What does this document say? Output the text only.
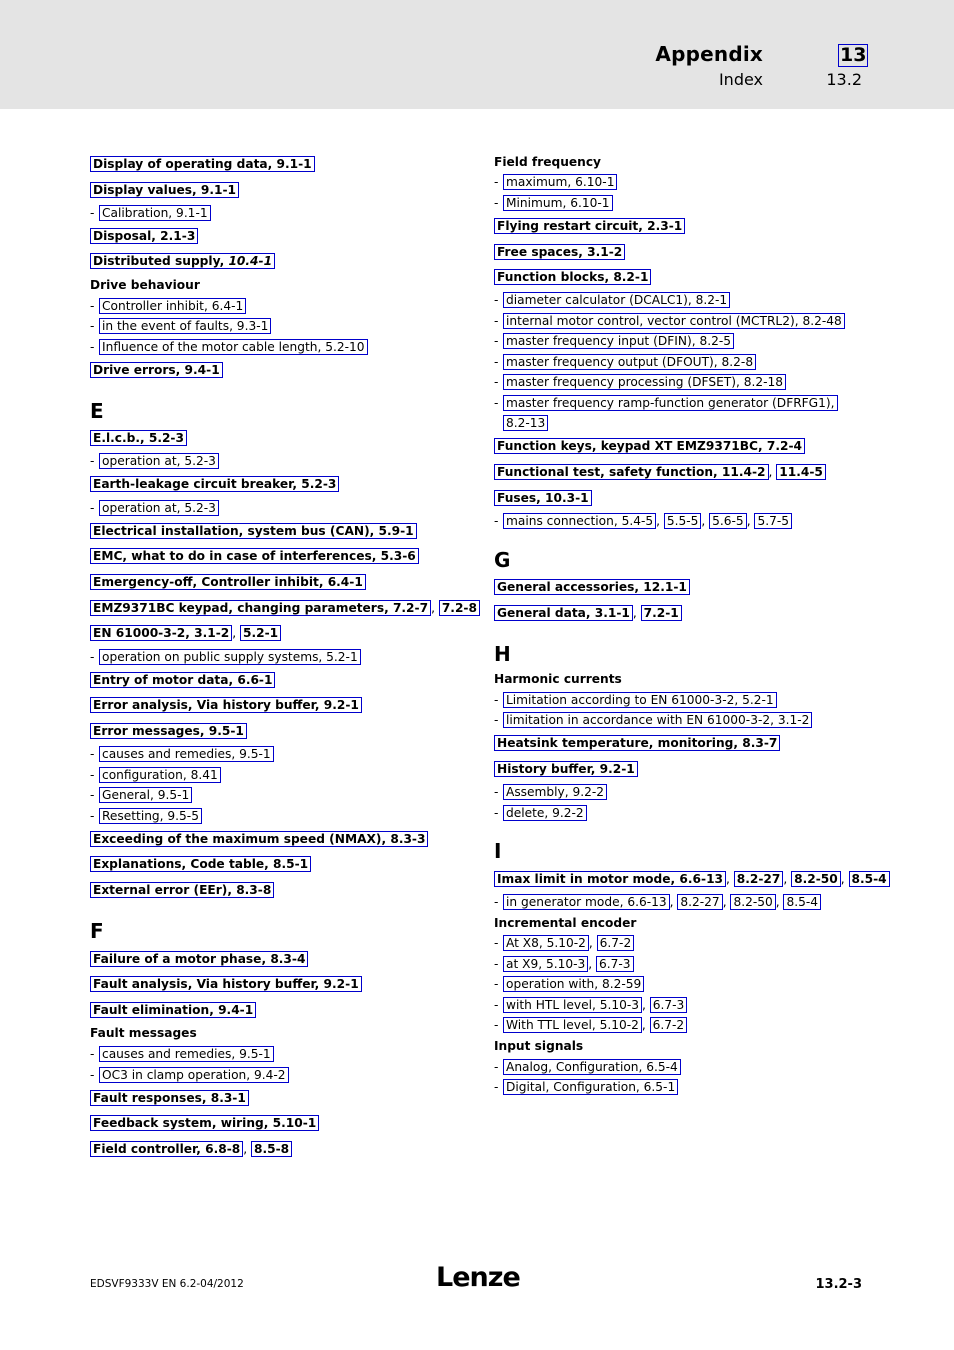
Appendix
Index
13
13.2
Display of operating data, 9.1-1
Display values, 9.1-1
- Calibration, 9.1-1
Disposal, 2.1-3
Distributed supply, 10.4-1
Drive behaviour
- Controller inhibit, 6.4-1
- in the event of faults, 9.3-1
- Influence of the motor cable length, 5.2-10
Drive errors, 9.4-1
E
E.l.c.b., 5.2-3
- operation at, 5.2-3
Earth-leakage circuit breaker, 5.2-3
- operation at, 5.2-3
Electrical installation, system bus (CAN), 5.9-1
EMC, what to do in case of interferences, 5.3-6
Emergency-off, Controller inhibit, 6.4-1
EMZ9371BC keypad, changing parameters, 7.2-7 , 7.2-8
EN 61000-3-2, 3.1-2 , 5.2-1
- operation on public supply systems, 5.2-1
Entry of motor data, 6.6-1
Error analysis, Via history buffer, 9.2-1
Error messages, 9.5-1
- causes and remedies, 9.5-1
- configuration, 8.41
- General, 9.5-1
- Resetting, 9.5-5
Exceeding of the maximum speed (NMAX), 8.3-3
Explanations, Code table, 8.5-1
External error (EEr), 8.3-8
F
Failure of a motor phase, 8.3-4
Fault analysis, Via history buffer, 9.2-1
Fault elimination, 9.4-1
Fault messages
- causes and remedies, 9.5-1
- OC3 in clamp operation, 9.4-2
Fault responses, 8.3-1
Feedback system, wiring, 5.10-1
Field controller, 6.8-8 , 8.5-8
Field frequency
- maximum, 6.10-1
- Minimum, 6.10-1
Flying restart circuit, 2.3-1
Free spaces, 3.1-2
Function blocks, 8.2-1
- diameter calculator (DCALC1), 8.2-1
- internal motor control, vector control (MCTRL2), 8.2-48
- master frequency input (DFIN), 8.2-5
- master frequency output (DFOUT), 8.2-8
- master frequency processing (DFSET), 8.2-18
- master frequency ramp-function generator (DFRFG1),
8.2-13
Function keys, keypad XT EMZ9371BC, 7.2-4
Functional test, safety function, 11.4-2 , 11.4-5
Fuses, 10.3-1
- mains connection, 5.4-5 , 5.5-5 , 5.6-5 , 5.7-5
G
General accessories, 12.1-1
General data, 3.1-1 , 7.2-1
H
Harmonic currents
- Limitation according to EN 61000-3-2, 5.2-1
- limitation in accordance with EN 61000-3-2, 3.1-2
Heatsink temperature, monitoring, 8.3-7
History buffer, 9.2-1
- Assembly, 9.2-2
- delete, 9.2-2
I
Imax limit in motor mode, 6.6-13 , 8.2-27 , 8.2-50 , 8.5-4
- in generator mode, 6.6-13 , 8.2-27 , 8.2-50 , 8.5-4
Incremental encoder
- At X8, 5.10-2 , 6.7-2
- at X9, 5.10-3 , 6.7-3
- operation with, 8.2-59
- with HTL level, 5.10-3 , 6.7-3
- With TTL level, 5.10-2 , 6.7-2
Input signals
- Analog, Configuration, 6.5-4
- Digital, Configuration, 6.5-1
EDSVF9333V EN 6.2-04/2012	Lenze	13.2-3
